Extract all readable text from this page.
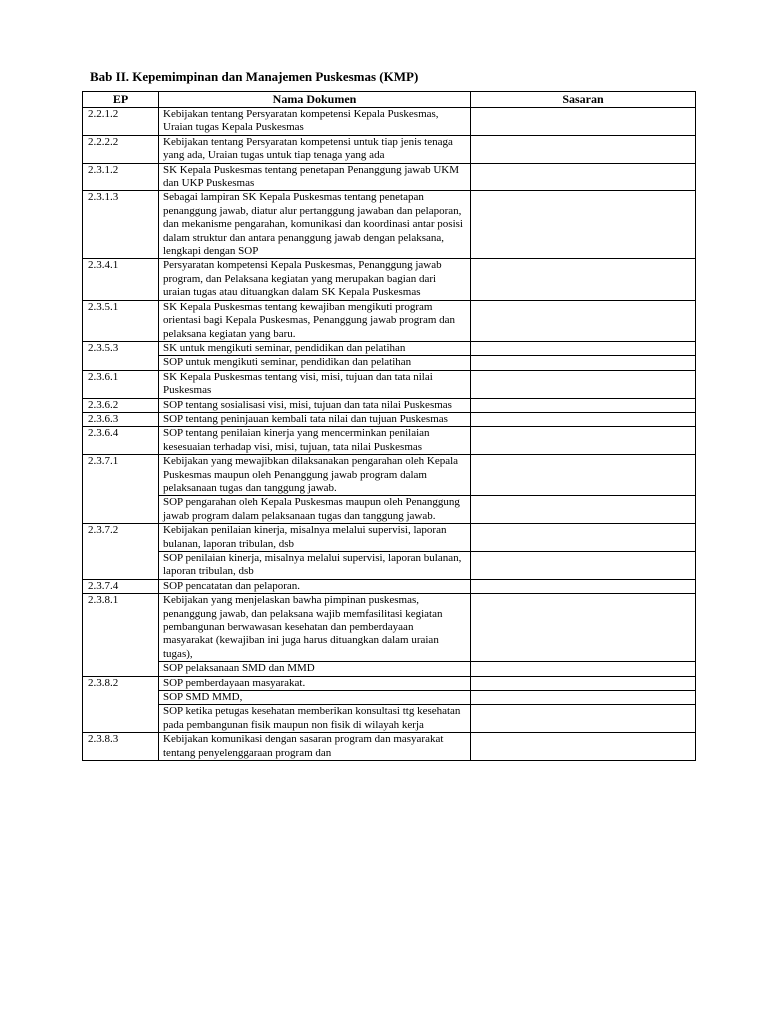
Bab II. Kepemimpinan dan Manajemen Puskesmas (KMP)
EP	Nama Dokumen	Sasaran
2.2.1.2	Kebijakan tentang Persyaratan kompetensi Kepala Puskesmas, Uraian tugas Kepala Puskesmas	
2.2.2.2	Kebijakan tentang Persyaratan kompetensi untuk tiap jenis tenaga yang ada, Uraian tugas untuk tiap tenaga yang ada	
2.3.1.2	SK Kepala Puskesmas tentang penetapan Penanggung jawab UKM dan UKP Puskesmas	
2.3.1.3	Sebagai lampiran SK Kepala Puskesmas tentang penetapan penanggung jawab, diatur alur pertanggung jawaban dan pelaporan, dan mekanisme pengarahan, komunikasi dan koordinasi antar posisi dalam struktur dan antara penanggung jawab dengan pelaksana, lengkapi dengan SOP	
2.3.4.1	Persyaratan kompetensi Kepala Puskesmas, Penanggung jawab program, dan Pelaksana kegiatan yang merupakan bagian dari uraian tugas atau dituangkan dalam SK Kepala Puskesmas	
2.3.5.1	SK Kepala Puskesmas tentang kewajiban mengikuti program orientasi bagi Kepala Puskesmas, Penanggung jawab program dan pelaksana kegiatan yang baru.	
2.3.5.3	SK untuk mengikuti seminar, pendidikan dan pelatihan	
	SOP untuk mengikuti seminar, pendidikan dan pelatihan	
2.3.6.1	SK Kepala Puskesmas tentang visi, misi, tujuan dan tata nilai Puskesmas	
2.3.6.2	SOP tentang sosialisasi visi, misi, tujuan dan tata nilai Puskesmas	
2.3.6.3	SOP tentang peninjauan kembali tata nilai dan tujuan Puskesmas	
2.3.6.4	SOP tentang penilaian kinerja yang mencerminkan penilaian kesesuaian terhadap visi, misi, tujuan, tata nilai Puskesmas	
2.3.7.1	Kebijakan yang mewajibkan dilaksanakan pengarahan oleh Kepala Puskesmas maupun oleh Penanggung jawab program dalam pelaksanaan tugas dan tanggung jawab.	
	SOP pengarahan oleh Kepala Puskesmas maupun oleh Penanggung jawab program dalam pelaksanaan tugas dan tanggung jawab.	
2.3.7.2	Kebijakan penilaian kinerja, misalnya melalui supervisi, laporan bulanan, laporan tribulan, dsb	
	SOP penilaian kinerja, misalnya melalui supervisi, laporan bulanan, laporan tribulan, dsb	
2.3.7.4	SOP pencatatan dan pelaporan.	
2.3.8.1	Kebijakan yang menjelaskan bawha pimpinan puskesmas, penanggung jawab, dan pelaksana wajib memfasilitasi kegiatan pembangunan berwawasan kesehatan dan pemberdayaan masyarakat (kewajiban ini juga harus dituangkan dalam uraian tugas),	
	SOP pelaksanaan SMD dan MMD	
2.3.8.2	SOP pemberdayaan masyarakat.	
	SOP SMD MMD,	
	SOP ketika petugas kesehatan memberikan konsultasi ttg kesehatan pada pembangunan fisik maupun non fisik di wilayah kerja	
2.3.8.3	Kebijakan komunikasi dengan sasaran program dan masyarakat tentang penyelenggaraan program dan	
